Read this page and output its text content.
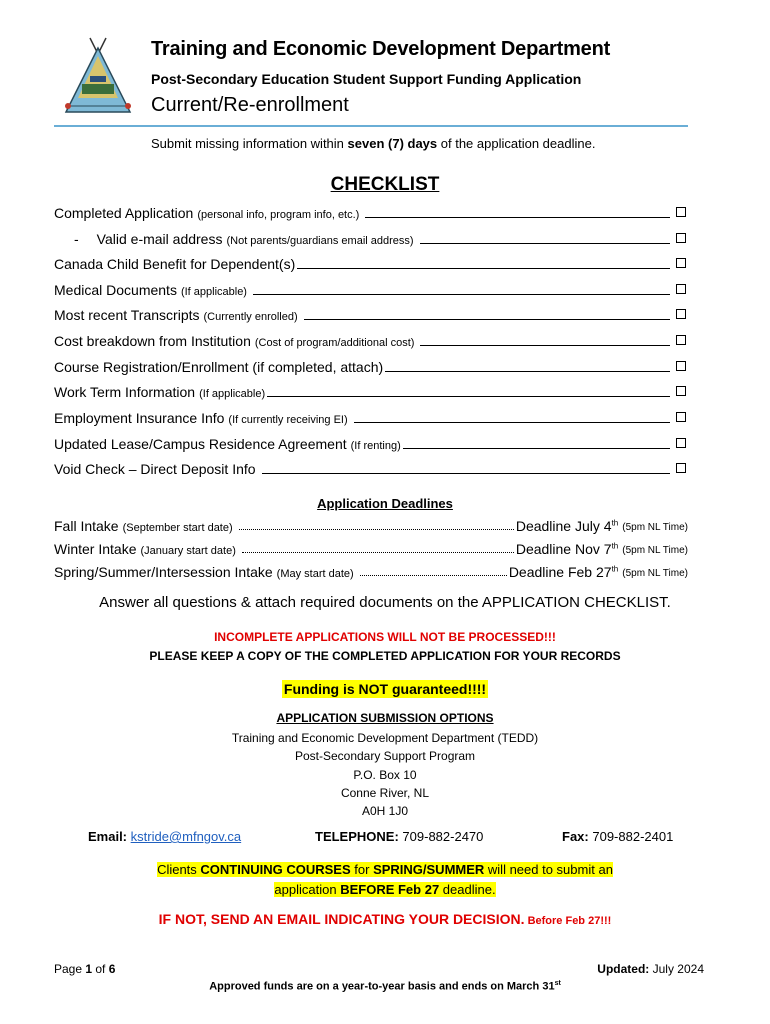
Training and Economic Development Department
Post-Secondary Education Student Support Funding Application
Current/Re-enrollment
Submit missing information within seven (7) days of the application deadline.
CHECKLIST
Completed Application (personal info, program info, etc.)
- Valid e-mail address (Not parents/guardians email address)
Canada Child Benefit for Dependent(s)
Medical Documents (If applicable)
Most recent Transcripts (Currently enrolled)
Cost breakdown from Institution (Cost of program/additional cost)
Course Registration/Enrollment (if completed, attach)
Work Term Information (If applicable)
Employment Insurance Info (If currently receiving EI)
Updated Lease/Campus Residence Agreement (If renting)
Void Check – Direct Deposit Info
Application Deadlines
Fall Intake (September start date)	Deadline July 4th (5pm NL Time)
Winter Intake (January start date)	Deadline Nov 7th (5pm NL Time)
Spring/Summer/Intersession Intake (May start date)	Deadline Feb 27th (5pm NL Time)
Answer all questions & attach required documents on the APPLICATION CHECKLIST.
INCOMPLETE APPLICATIONS WILL NOT BE PROCESSED!!!
PLEASE KEEP A COPY OF THE COMPLETED APPLICATION FOR YOUR RECORDS
Funding is NOT guaranteed!!!!
APPLICATION SUBMISSION OPTIONS
Training and Economic Development Department (TEDD)
Post-Secondary Support Program
P.O. Box 10
Conne River, NL
A0H 1J0
Email: kstride@mfngov.ca	TELEPHONE: 709-882-2470	Fax: 709-882-2401
Clients CONTINUING COURSES for SPRING/SUMMER will need to submit an
application BEFORE Feb 27 deadline.
IF NOT, SEND AN EMAIL INDICATING YOUR DECISION. Before Feb 27!!!
Page 1 of 6	Updated: July 2024
Approved funds are on a year-to-year basis and ends on March 31st
